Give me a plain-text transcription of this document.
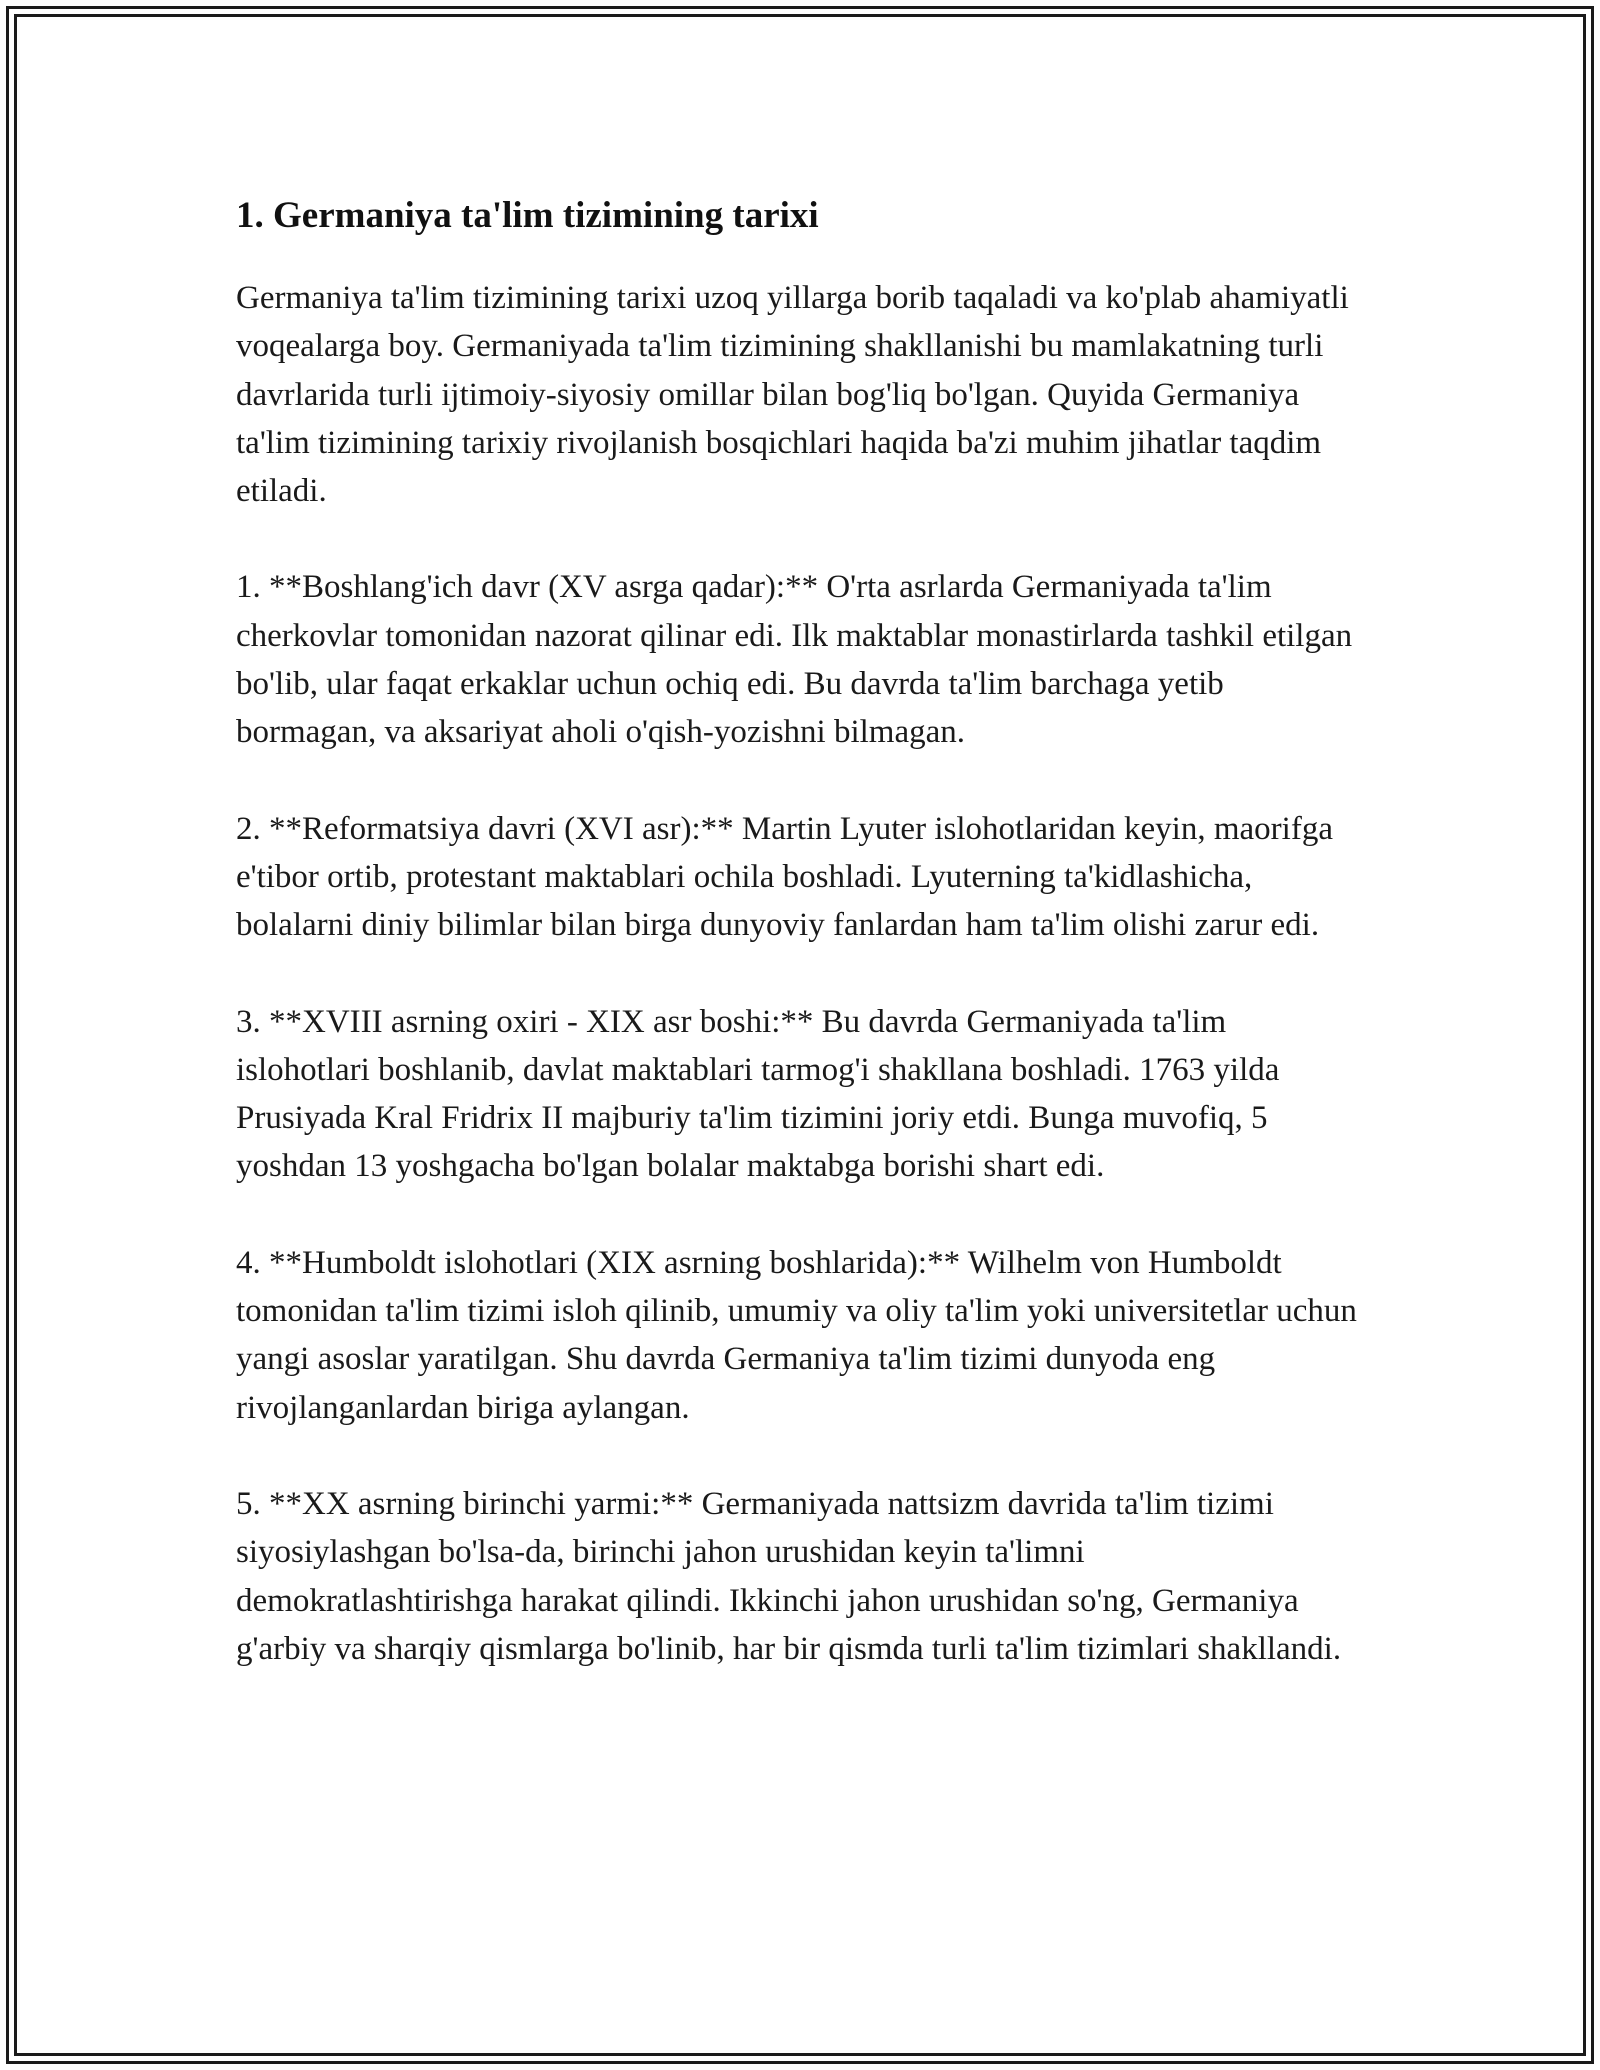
1. Germaniya ta'lim tizimining tarixi

Germaniya ta'lim tizimining tarixi uzoq yillarga borib taqaladi va ko'plab ahamiyatli voqealarga boy. Germaniyada ta'lim tizimining shakllanishi bu mamlakatning turli davrlarida turli ijtimoiy-siyosiy omillar bilan bog'liq bo'lgan. Quyida Germaniya ta'lim tizimining tarixiy rivojlanish bosqichlari haqida ba'zi muhim jihatlar taqdim etiladi.

1. **Boshlang'ich davr (XV asrga qadar):** O'rta asrlarda Germaniyada ta'lim cherkovlar tomonidan nazorat qilinar edi. Ilk maktablar monastirlarda tashkil etilgan bo'lib, ular faqat erkaklar uchun ochiq edi. Bu davrda ta'lim barchaga yetib bormagan, va aksariyat aholi o'qish-yozishni bilmagan.

2. **Reformatsiya davri (XVI asr):** Martin Lyuter islohotlaridan keyin, maorifga e'tibor ortib, protestant maktablari ochila boshladi. Lyuterning ta'kidlashicha, bolalarni diniy bilimlar bilan birga dunyoviy fanlardan ham ta'lim olishi zarur edi.

3. **XVIII asrning oxiri - XIX asr boshi:** Bu davrda Germaniyada ta'lim islohotlari boshlanib, davlat maktablari tarmog'i shakllana boshladi. 1763 yilda Prusiyada Kral Fridrix II majburiy ta'lim tizimini joriy etdi. Bunga muvofiq, 5 yoshdan 13 yoshgacha bo'lgan bolalar maktabga borishi shart edi.

4. **Humboldt islohotlari (XIX asrning boshlarida):** Wilhelm von Humboldt tomonidan ta'lim tizimi isloh qilinib, umumiy va oliy ta'lim yoki universitetlar uchun yangi asoslar yaratilgan. Shu davrda Germaniya ta'lim tizimi dunyoda eng rivojlanganlardan biriga aylangan.

5. **XX asrning birinchi yarmi:** Germaniyada nattsizm davrida ta'lim tizimi siyosiylashgan bo'lsa-da, birinchi jahon urushidan keyin ta'limni demokratlashtirishga harakat qilindi. Ikkinchi jahon urushidan so'ng, Germaniya g'arbiy va sharqiy qismlarga bo'linib, har bir qismda turli ta'lim tizimlari shakllandi.
